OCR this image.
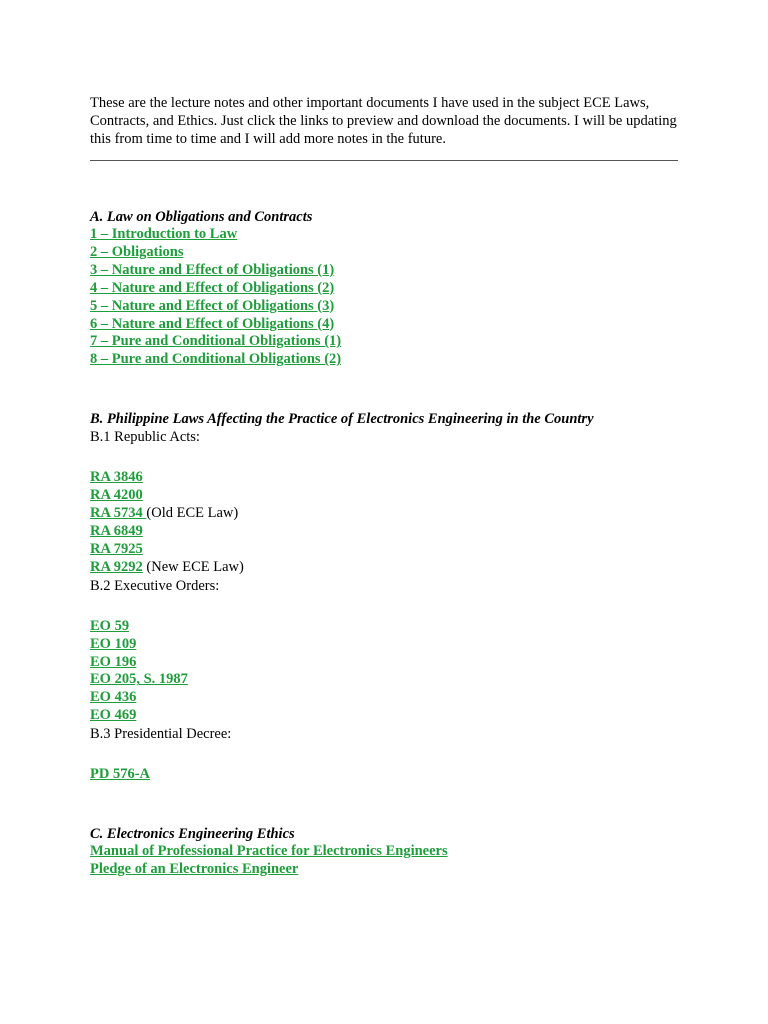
These are the lecture notes and other important documents I have used in the subject ECE Laws, Contracts, and Ethics. Just click the links to preview and download the documents. I will be updating this from time to time and I will add more notes in the future.

A. Law on Obligations and Contracts

1 – Introduction to Law
2 – Obligations
3 – Nature and Effect of Obligations (1)
4 – Nature and Effect of Obligations (2)
5 – Nature and Effect of Obligations (3)
6 – Nature and Effect of Obligations (4)
7 – Pure and Conditional Obligations (1)
8 – Pure and Conditional Obligations (2)

B. Philippine Laws Affecting the Practice of Electronics Engineering in the Country

B.1 Republic Acts:

RA 3846
RA 4200
RA 5734 (Old ECE Law)
RA 6849
RA 7925
RA 9292 (New ECE Law)

B.2 Executive Orders:

EO 59
EO 109
EO 196
EO 205, S. 1987
EO 436
EO 469

B.3 Presidential Decree:

PD 576-A

C. Electronics Engineering Ethics

Manual of Professional Practice for Electronics Engineers
Pledge of an Electronics Engineer
